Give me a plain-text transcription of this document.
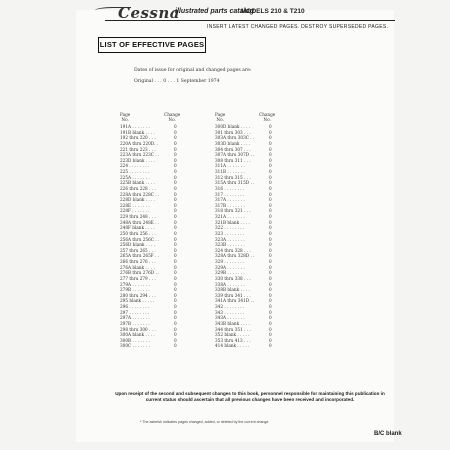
Cessna
illustrated parts catalog
MODELS 210 & T210
INSERT LATEST CHANGED PAGES. DESTROY SUPERSEDED PAGES.
LIST OF EFFECTIVE PAGES
Dates of issue for original and changed pages are:
Original . . . 0 . . . 1 September 1974
Page
No.
Change
No.
191A . . . . . . .	0
191B blank . . . .	0
192 thru 220 . . .	0
220A thru 220D. .	0
221 thru 223 . . .	0
223A thru 223C . .	0
223D blank . . . .	0
224 . . . . . . . .	0
225 . . . . . . . .	0
225A . . . . . . .	0
225B blank . . . .	0
226 thru 228 . . .	0
228A thru 228C . .	0
228D blank . . . .	0
228E . . . . . . .	0
228F . . . . . . .	0
229 thru 248 . . .	0
248A thru 248E . .	0
248F blank . . . .	0
250 thru 256 . . .	0
256A thru 256C . .	0
256D blank . . . .	0
257 thru 265 . . .	0
265A thru 265F . .	0
266 thru 276 . . .	0
276A blank . . . .	0
276B thru 276D . .	0
277 thru 279 . . .	0
279A . . . . . . .	0
279B . . . . . . .	0
280 thru 294 . . .	0
295 blank . . . . .	0
296 . . . . . . . .	0
297 . . . . . . . .	0
297A . . . . . . .	0
297B . . . . . . .	0
298 thru 300 . . .	0
300A blank . . . .	0
300B . . . . . . .	0
300C . . . . . . .	0
Page
No.
Change
No.
300D blank . . . .	0
301 thru 303 . . .	0
303A thru 303C . .	0
303D blank . . . .	0
304 thru 307 . . .	0
307A thru 307D . .	0
308 thru 311 . . .	0
311A . . . . . . .	0
311B . . . . . . .	0
312 thru 315 . . .	0
315A thru 315D . .	0
316 . . . . . . . .	0
317 . . . . . . . .	0
317A . . . . . . .	0
317B . . . . . . .	0
318 thru 321 . . .	0
321A . . . . . . .	0
321B blank . . . .	0
322 . . . . . . . .	0
323 . . . . . . . .	0
323A . . . . . . .	0
323B . . . . . . .	0
324 thru 328 . . .	0
328A thru 328D . .	0
329 . . . . . . . .	0
329A . . . . . . .	0
329B . . . . . . .	0
330 thru 338 . . .	0
338A . . . . . . .	0
338B blank . . . .	0
339 thru 341 . . .	0
341A thru 341D . .	0
342 . . . . . . . .	0
343 . . . . . . . .	0
343A . . . . . . .	0
343B blank . . . .	0
344 thru 351 . . .	0
352 blank . . . . .	0
353 thru 413 . . .	0
414 blank . . . . .	0
Upon receipt of the second and subsequent changes to this book, personnel responsible for maintaining this publication in current status should ascertain that all previous changes have been received and incorporated.
* The asterisk indicates pages changed, added, or deleted by the current change.
B/C blank
